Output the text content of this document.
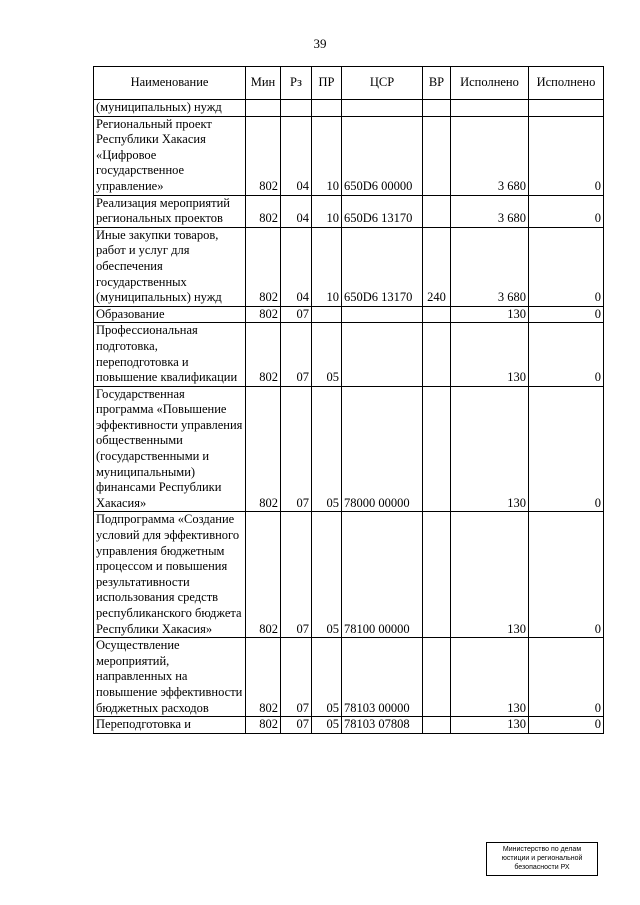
39
Наименование	Мин	Рз	ПР	ЦСР	ВР	Исполнено	Исполнено
(муниципальных) нужд							
Региональный проект Республики Хакасия «Цифровое государственное управление»	802	04	10	650D6 00000		3 680	0
Реализация мероприятий региональных проектов	802	04	10	650D6 13170		3 680	0
Иные закупки товаров, работ и услуг для обеспечения государственных (муниципальных) нужд	802	04	10	650D6 13170	240	3 680	0
Образование	802	07				130	0
Профессиональная подготовка, переподготовка и повышение квалификации	802	07	05			130	0
Государственная программа «Повышение эффективности управления общественными (государственными и муниципальными) финансами Республики Хакасия»	802	07	05	78000 00000		130	0
Подпрограмма «Создание условий для эффективного управления бюджетным процессом и повышения результативности использования средств республиканского бюджета Республики Хакасия»	802	07	05	78100 00000		130	0
Осуществление мероприятий, направленных на повышение эффективности бюджетных расходов	802	07	05	78103 00000		130	0
Переподготовка и	802	07	05	78103 07808		130	0
Министерство по делам
юстиции и региональной
безопасности РХ
